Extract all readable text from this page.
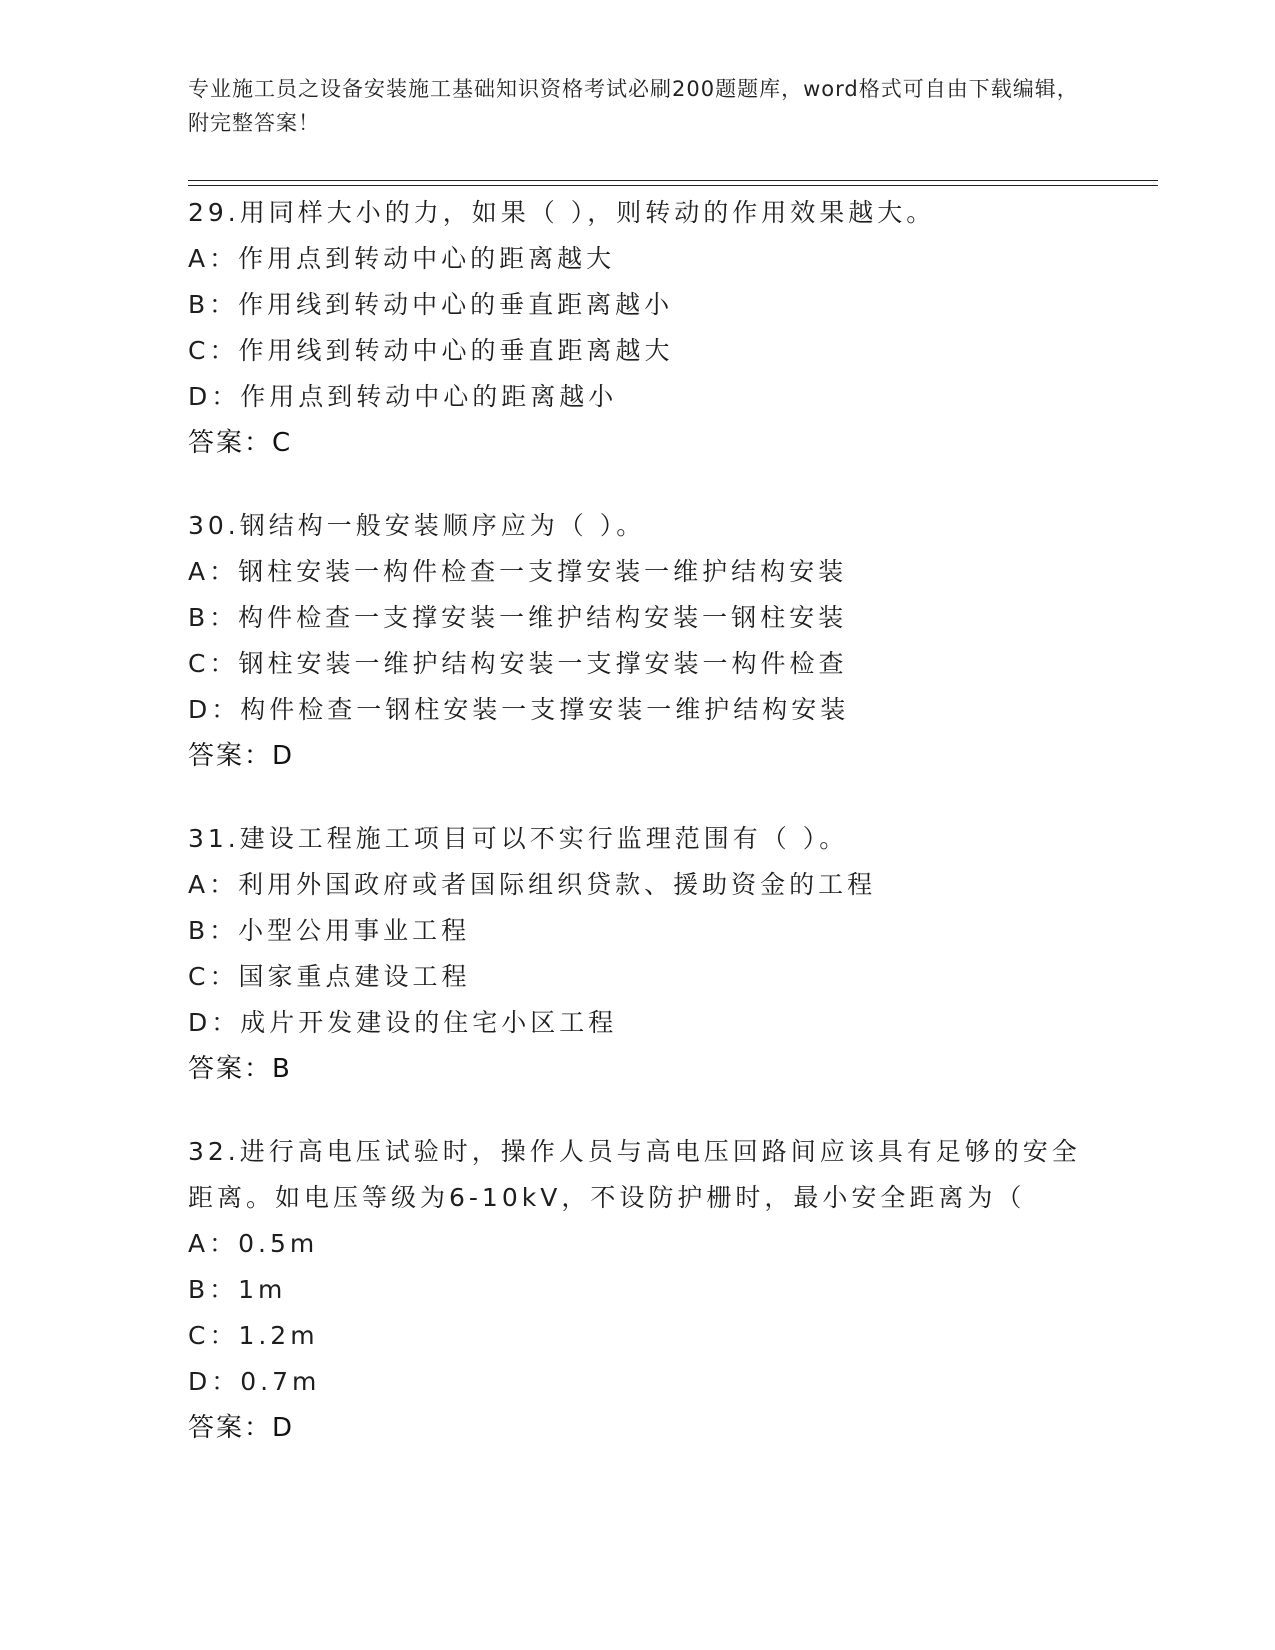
专业施工员之设备安装施工基础知识资格考试必刷200题题库，word格式可自由下载编辑，附完整答案！
29.用同样大小的力，如果（ ），则转动的作用效果越大。
A：作用点到转动中心的距离越大
B：作用线到转动中心的垂直距离越小
C：作用线到转动中心的垂直距离越大
D：作用点到转动中心的距离越小
答案：C
30.钢结构一般安装顺序应为（ ）。
A：钢柱安装一构件检查一支撑安装一维护结构安装
B：构件检查一支撑安装一维护结构安装一钢柱安装
C：钢柱安装一维护结构安装一支撑安装一构件检查
D：构件检查一钢柱安装一支撑安装一维护结构安装
答案：D
31.建设工程施工项目可以不实行监理范围有（ ）。
A：利用外国政府或者国际组织贷款、援助资金的工程
B：小型公用事业工程
C：国家重点建设工程
D：成片开发建设的住宅小区工程
答案：B
32.进行高电压试验时，操作人员与高电压回路间应该具有足够的安全距离。如电压等级为6-10kV，不设防护栅时，最小安全距离为（
A：0.5m
B：1m
C：1.2m
D：0.7m
答案：D
